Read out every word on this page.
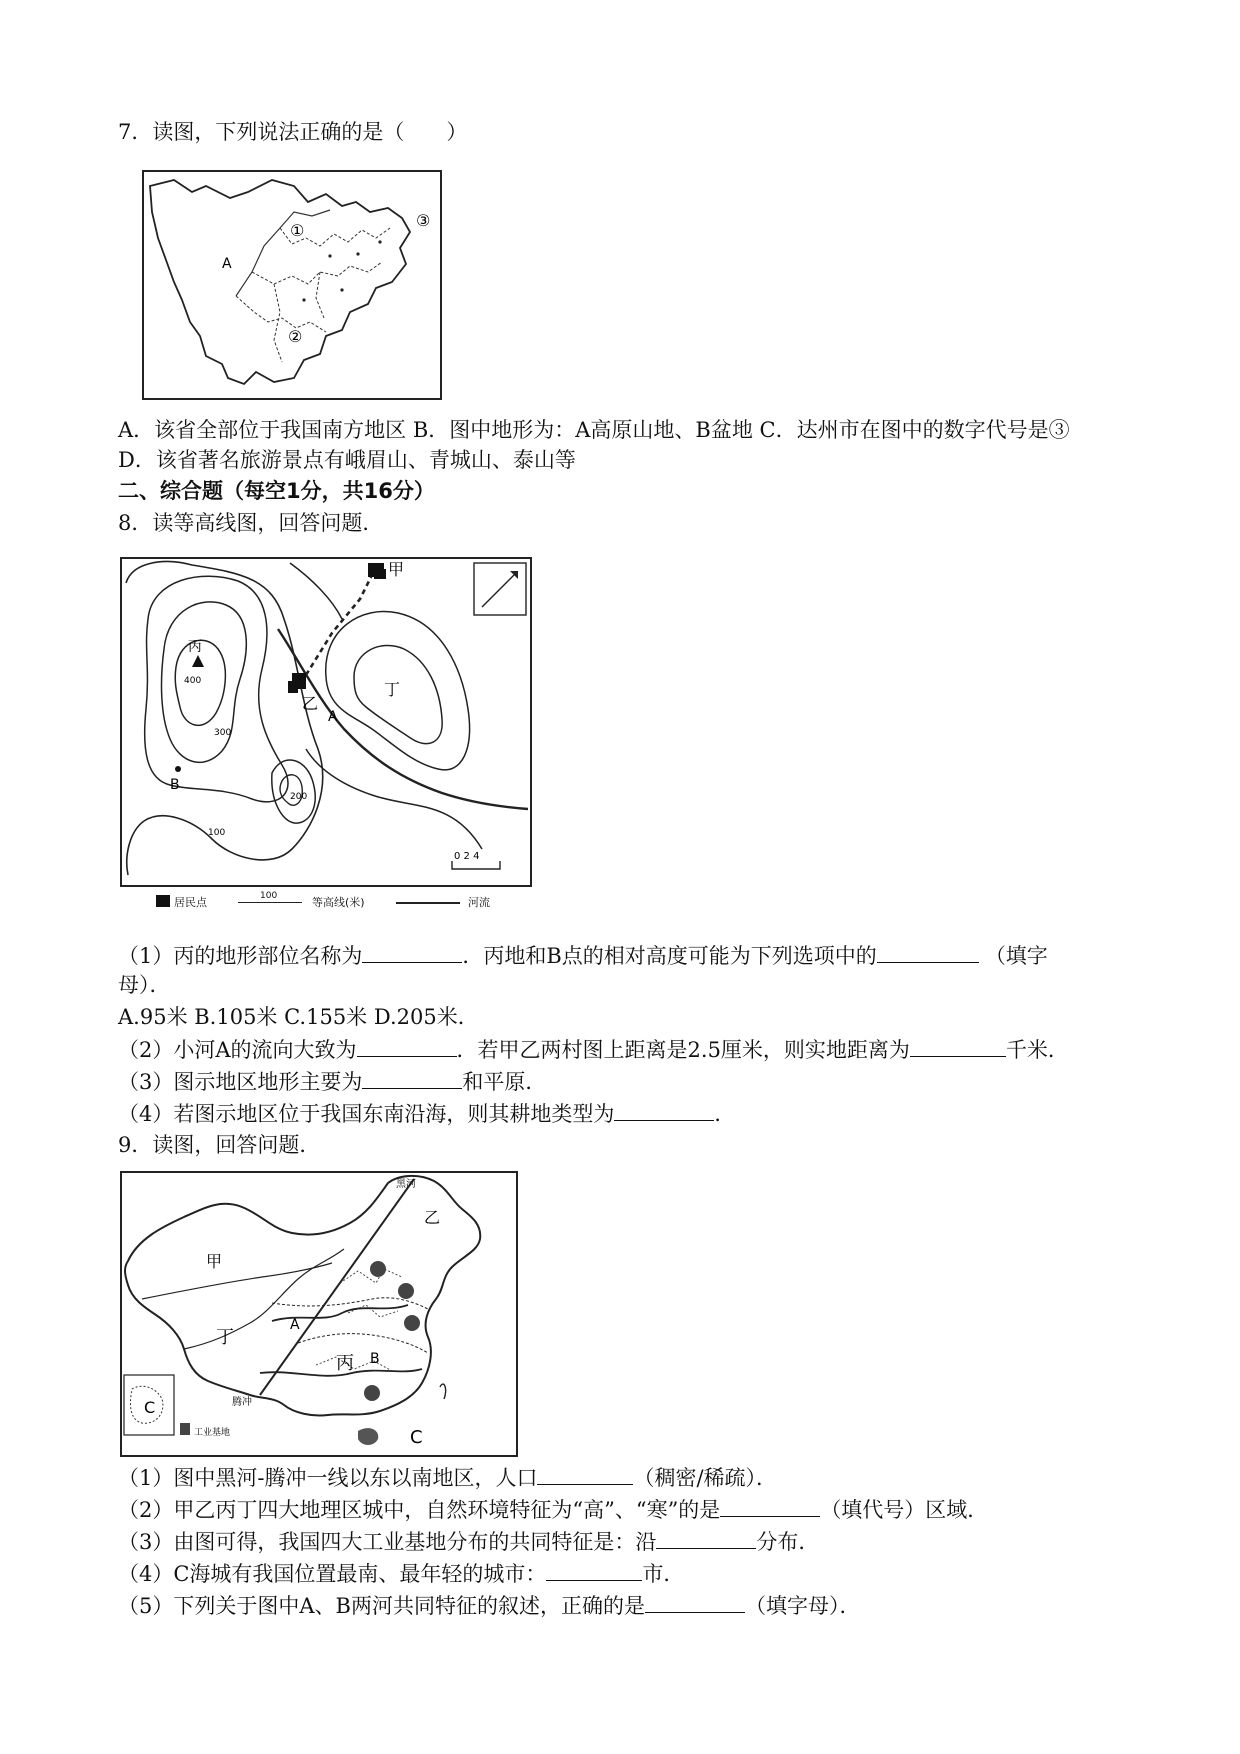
7．读图，下列说法正确的是（　　）
A
①
②
③
A．该省全部位于我国南方地区 B．图中地形为：A高原山地、B盆地 C．达州市在图中的数字代号是③
D．该省著名旅游景点有峨眉山、青城山、泰山等
二、综合题（每空1分，共16分）
8．读等高线图，回答问题．
0 2 4
甲
乙
丙
丁
A
B
400
300
200
100
居民点	100	等高线(米)	河流
（1）丙的地形部位名称为	．丙地和B点的相对高度可能为下列选项中的	（填字
母）．
A.95米 B.105米 C.155米 D.205米．
（2）小河A的流向大致为	．若甲乙两村图上距离是2.5厘米，则实地距离为	千米．
（3）图示地区地形主要为	和平原．
（4）若图示地区位于我国东南沿海，则其耕地类型为	．
9．读图，回答问题．
C
工业基地
甲
乙
丙
丁
A
B
C
黑河
腾冲
（1）图中黑河-腾冲一线以东以南地区，人口	（稠密/稀疏）．
（2）甲乙丙丁四大地理区城中，自然环境特征为“高”、“寒”的是	（填代号）区域．
（3）由图可得，我国四大工业基地分布的共同特征是：沿	分布．
（4）C海城有我国位置最南、最年轻的城市：	市．
（5）下列关于图中A、B两河共同特征的叙述，正确的是	（填字母）．
